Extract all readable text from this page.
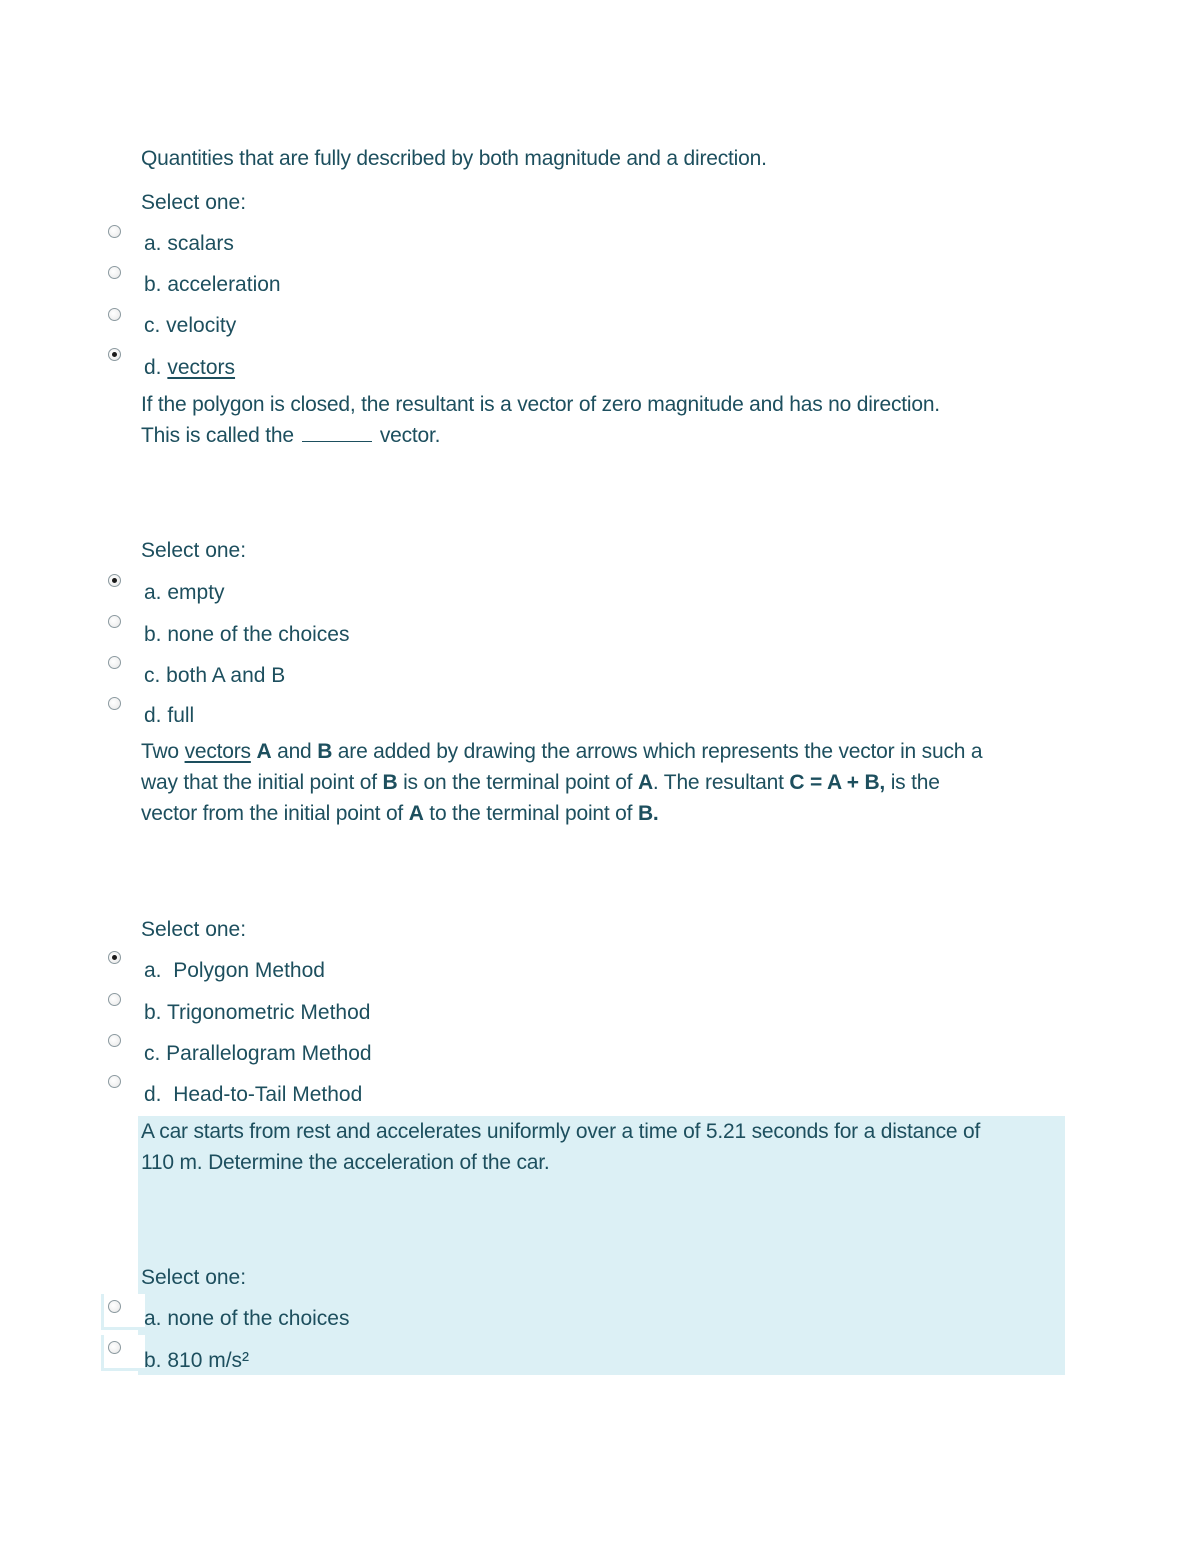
Quantities that are fully described by both magnitude and a direction.
Select one:
a. scalars
b. acceleration
c. velocity
d. vectors
If the polygon is closed, the resultant is a vector of zero magnitude and has no direction.
This is called the	vector.
Select one:
a. empty
b. none of the choices
c. both A and B
d. full
Two vectors A and B are added by drawing the arrows which represents the vector in such a
way that the initial point of B is on the terminal point of A. The resultant C = A + B, is the
vector from the initial point of A to the terminal point of B.
Select one:
a.  Polygon Method
b. Trigonometric Method
c. Parallelogram Method
d.  Head-to-Tail Method
A car starts from rest and accelerates uniformly over a time of 5.21 seconds for a distance of
110 m. Determine the acceleration of the car.
Select one:
a. none of the choices
b. 810 m/s²
